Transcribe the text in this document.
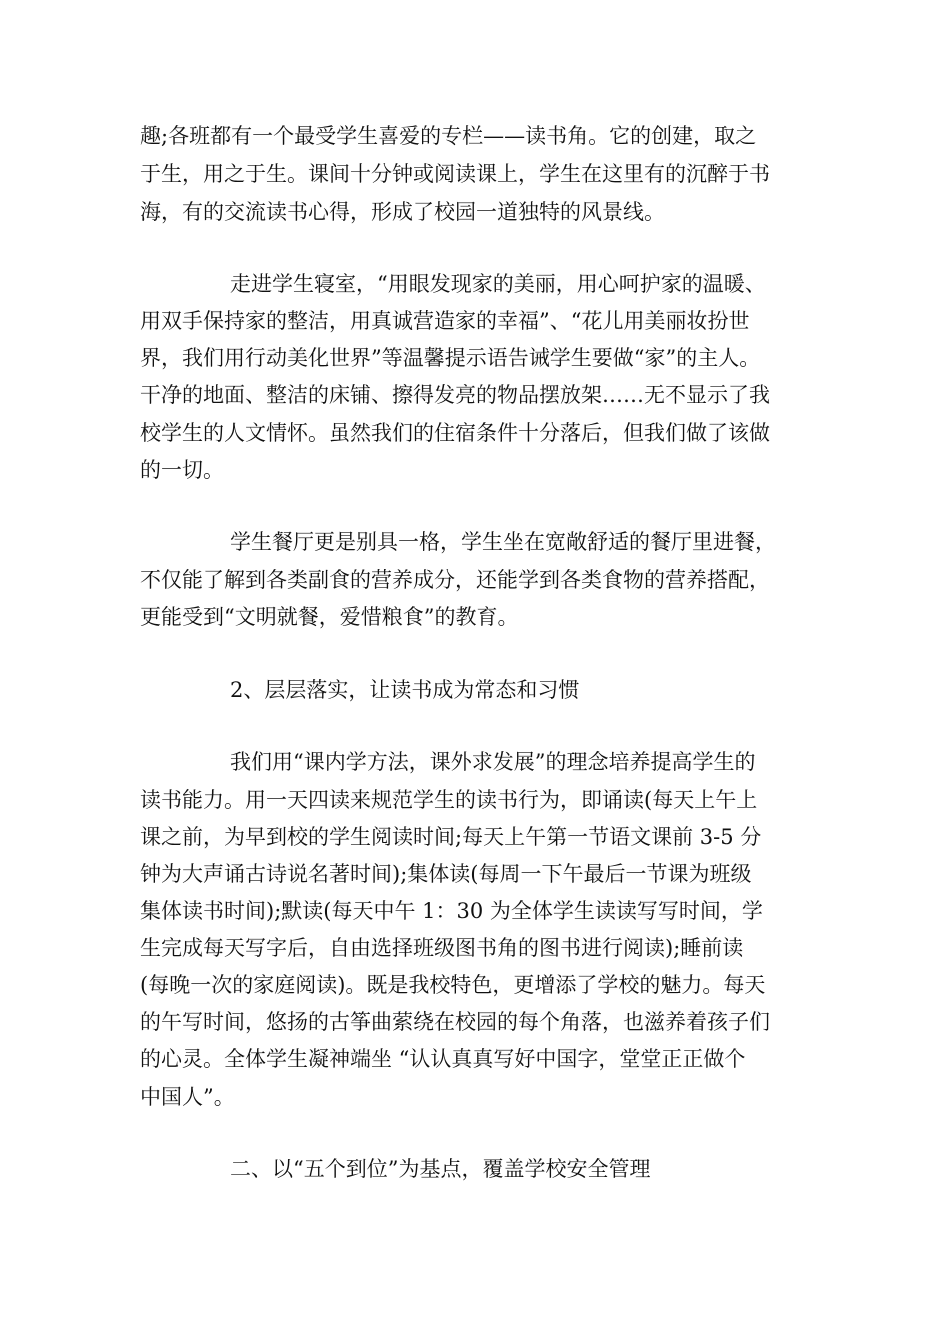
趣;各班都有一个最受学生喜爱的专栏——读书角。它的创建，取之
于生，用之于生。课间十分钟或阅读课上，学生在这里有的沉醉于书
海，有的交流读书心得，形成了校园一道独特的风景线。
走进学生寝室，“用眼发现家的美丽，用心呵护家的温暖、
用双手保持家的整洁，用真诚营造家的幸福”、“花儿用美丽妆扮世
界，我们用行动美化世界”等温馨提示语告诫学生要做“家”的主人。
干净的地面、整洁的床铺、擦得发亮的物品摆放架……无不显示了我
校学生的人文情怀。虽然我们的住宿条件十分落后，但我们做了该做
的一切。
学生餐厅更是别具一格，学生坐在宽敞舒适的餐厅里进餐，
不仅能了解到各类副食的营养成分，还能学到各类食物的营养搭配，
更能受到“文明就餐，爱惜粮食”的教育。
2、层层落实，让读书成为常态和习惯
我们用“课内学方法，课外求发展”的理念培养提高学生的
读书能力。用一天四读来规范学生的读书行为，即诵读(每天上午上
课之前，为早到校的学生阅读时间;每天上午第一节语文课前 3-5 分
钟为大声诵古诗说名著时间);集体读(每周一下午最后一节课为班级
集体读书时间);默读(每天中午 1：30 为全体学生读读写写时间，学
生完成每天写字后，自由选择班级图书角的图书进行阅读);睡前读
(每晚一次的家庭阅读)。既是我校特色，更增添了学校的魅力。每天
的午写时间，悠扬的古筝曲萦绕在校园的每个角落，也滋养着孩子们
的心灵。全体学生凝神端坐 “认认真真写好中国字，堂堂正正做个
中国人”。
二、以“五个到位”为基点，覆盖学校安全管理
